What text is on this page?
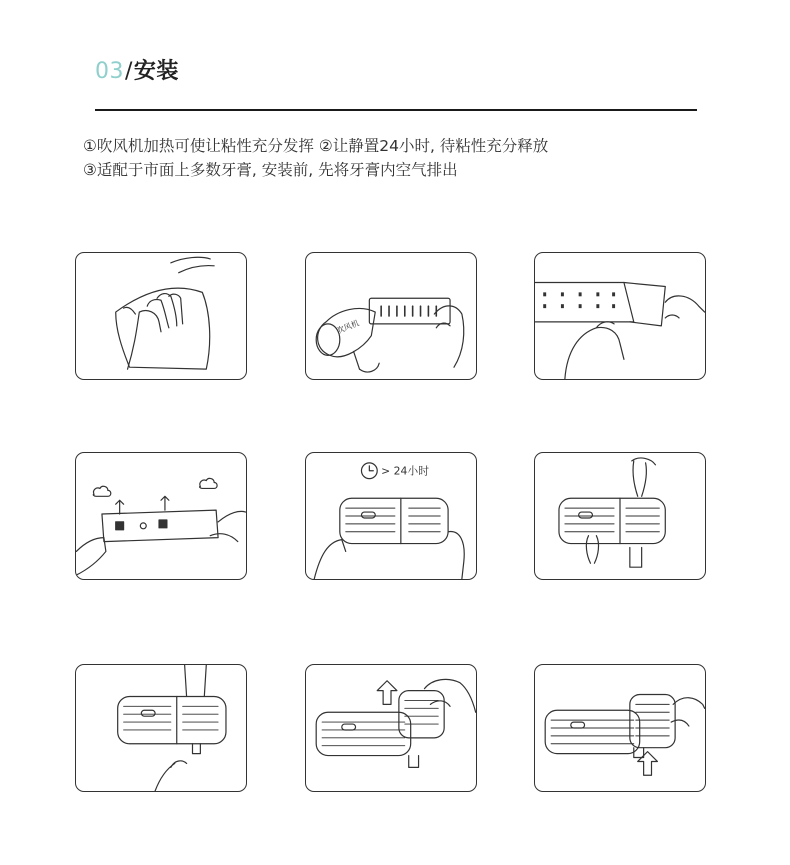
03/安装

①吹风机加热可使让粘性充分发挥 ②让静置24小时, 待粘性充分释放

③适配于市面上多数牙膏, 安装前, 先将牙膏内空气排出

吹风机
> 24小时
